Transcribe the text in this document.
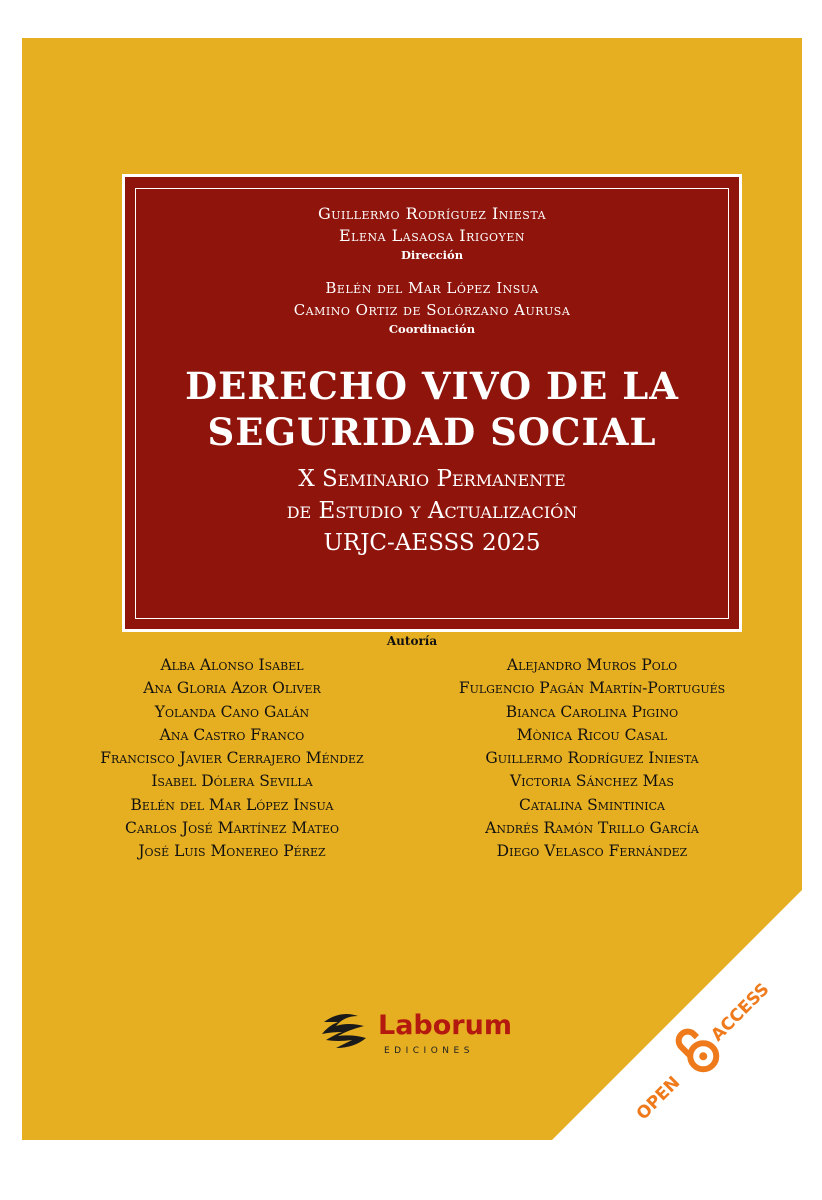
Guillermo Rodríguez Iniesta
Elena Lasaosa Irigoyen
Dirección
Belén del Mar López Insua
Camino Ortiz de Solórzano Aurusa
Coordinación
DERECHO VIVO DE LA
SEGURIDAD SOCIAL
X Seminario Permanente
de Estudio y Actualización
URJC-AESSS 2025
Autoría
Alba Alonso Isabel
Ana Gloria Azor Oliver
Yolanda Cano Galán
Ana Castro Franco
Francisco Javier Cerrajero Méndez
Isabel Dólera Sevilla
Belén del Mar López Insua
Carlos José Martínez Mateo
José Luis Monereo Pérez
Alejandro Muros Polo
Fulgencio Pagán Martín-Portugués
Bianca Carolina Pigino
Mònica Ricou Casal
Guillermo Rodríguez Iniesta
Victoria Sánchez Mas
Catalina Smintinica
Andrés Ramón Trillo García
Diego Velasco Fernández
Laborum
EDICIONES
OPEN
ACCESS
